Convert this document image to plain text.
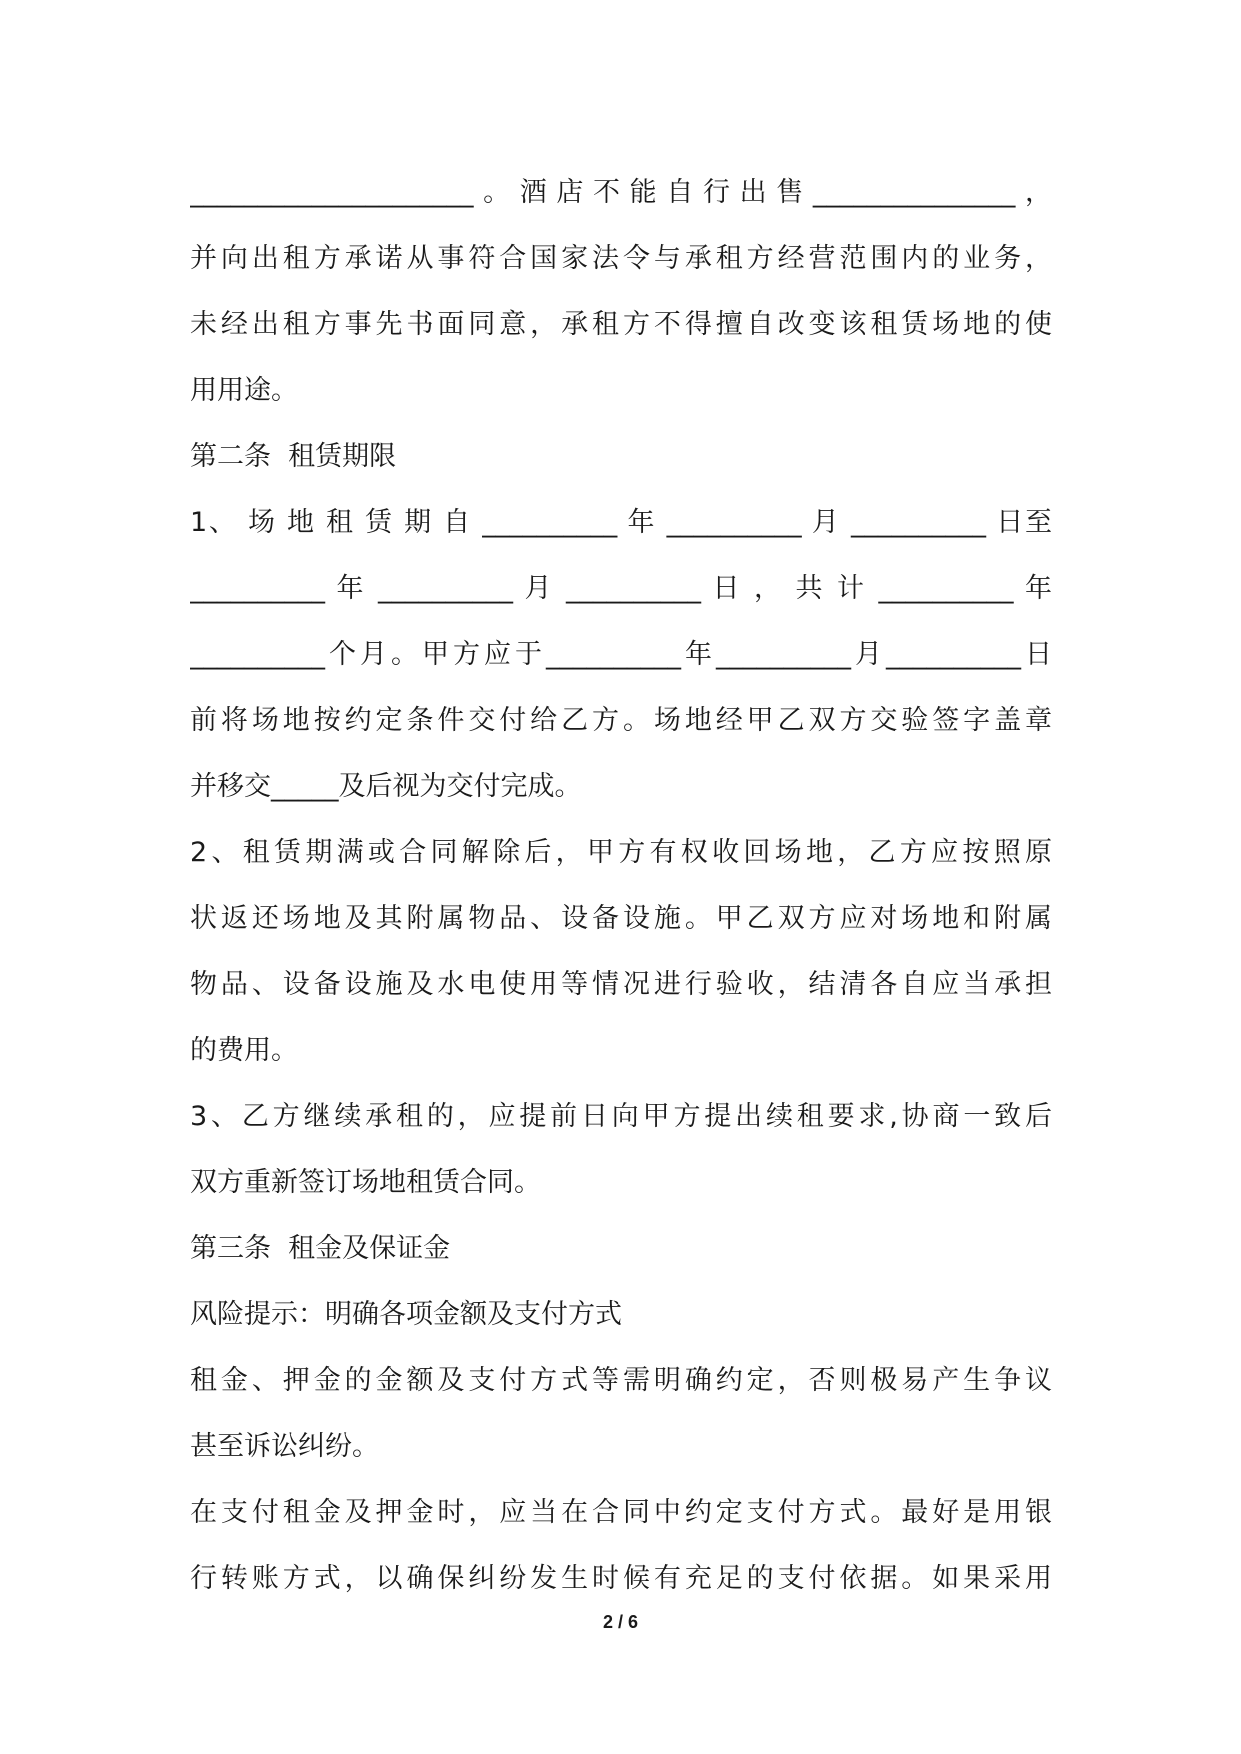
_____________________。酒店不能自行出售_______________，
并向出租方承诺从事符合国家法令与承租方经营范围内的业务，
未经出租方事先书面同意，承租方不得擅自改变该租赁场地的使
用用途。
第二条  租赁期限
1、 场 地 租 赁 期 自 __________ 年 __________ 月 __________ 日至
__________ 年 __________ 月 __________ 日 ， 共 计 __________ 年
__________个月。甲方应于__________年__________月__________日
前将场地按约定条件交付给乙方。场地经甲乙双方交验签字盖章
并移交_____及后视为交付完成。
2、租赁期满或合同解除后，甲方有权收回场地，乙方应按照原
状返还场地及其附属物品、设备设施。甲乙双方应对场地和附属
物品、设备设施及水电使用等情况进行验收，结清各自应当承担
的费用。
3、乙方继续承租的，应提前日向甲方提出续租要求,协商一致后
双方重新签订场地租赁合同。
第三条  租金及保证金
风险提示：明确各项金额及支付方式
租金、押金的金额及支付方式等需明确约定，否则极易产生争议
甚至诉讼纠纷。
在支付租金及押金时，应当在合同中约定支付方式。最好是用银
行转账方式，以确保纠纷发生时候有充足的支付依据。如果采用
2 / 6
